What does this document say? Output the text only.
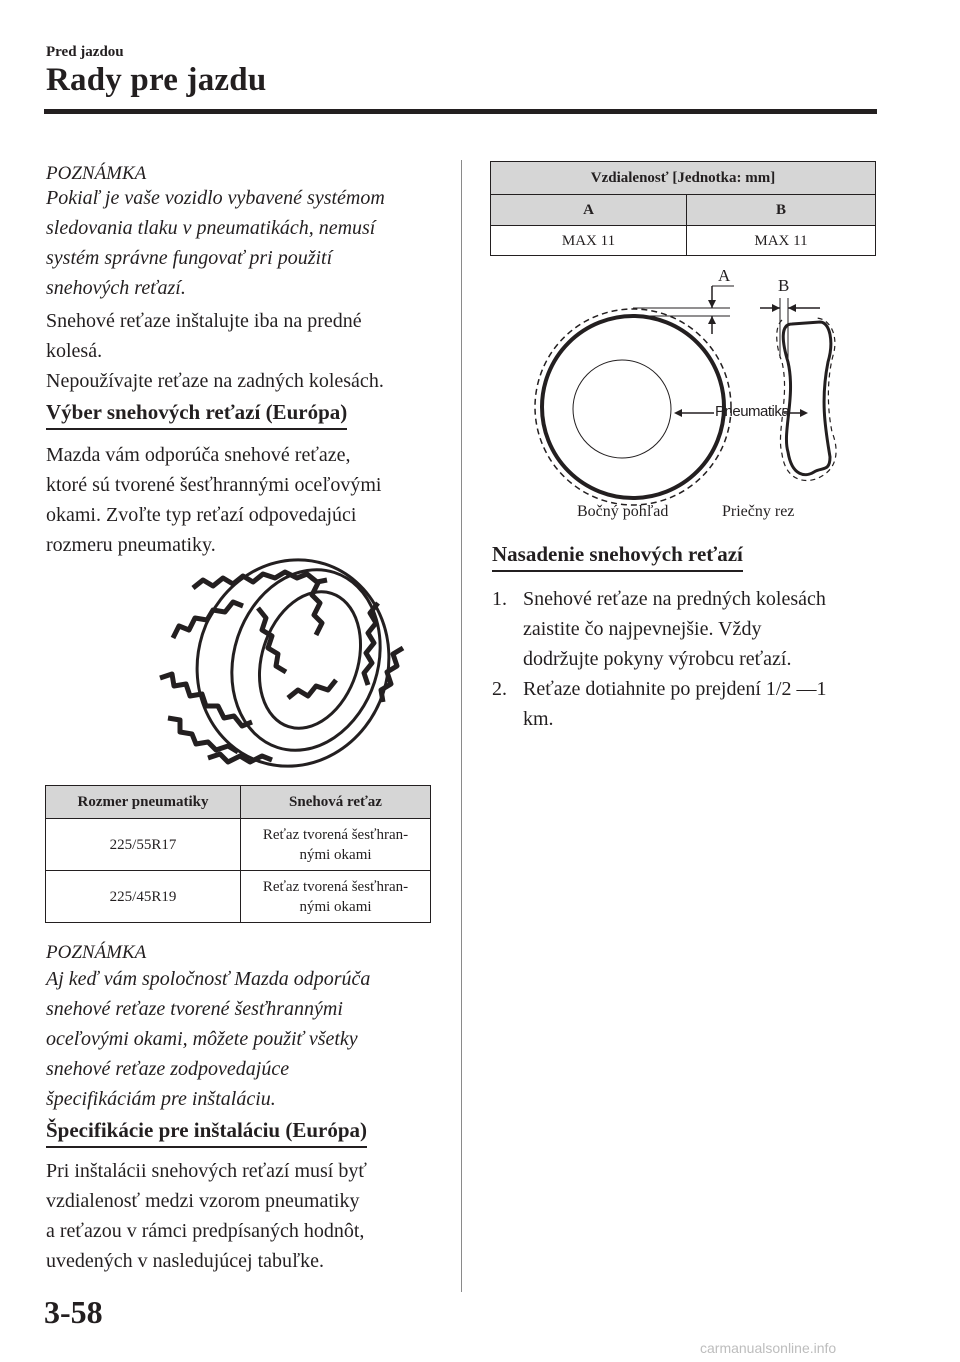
Pred jazdou
Rady pre jazdu
POZNÁMKA
Pokiaľ je vaše vozidlo vybavené systémom
sledovania tlaku v pneumatikách, nemusí
systém správne fungovať pri použití
snehových reťazí.
Snehové reťaze inštalujte iba na predné
kolesá.
Nepoužívajte reťaze na zadných kolesách.
Výber snehových reťazí (Európa)
Mazda vám odporúča snehové reťaze,
ktoré sú tvorené šesťhrannými oceľovými
okami. Zvoľte typ reťazí odpovedajúci
rozmeru pneumatiky.
Rozmer pneumatiky	Snehová reťaz
225/55R17	Reťaz tvorená šesťhran-
nými okami

225/45R19	Reťaz tvorená šesťhran-
nými okami
POZNÁMKA
Aj keď vám spoločnosť Mazda odporúča
snehové reťaze tvorené šesťhrannými
oceľovými okami, môžete použiť všetky
snehové reťaze zodpovedajúce
špecifikáciám pre inštaláciu.
Špecifikácie pre inštaláciu (Európa)
Pri inštalácii snehových reťazí musí byť
vzdialenosť medzi vzorom pneumatiky
a reťazou v rámci predpísaných hodnôt,
uvedených v nasledujúcej tabuľke.
Vzdialenosť [Jednotka: mm]	
A	B
MAX 11	MAX 11
A
B
Pneumatika
Bočný pohľad	Priečny rez
Nasadenie snehových reťazí
1. Snehové reťaze na predných kolesách
zaistite čo najpevnejšie. Vždy
dodržujte pokyny výrobcu reťazí.
2. Reťaze dotiahnite po prejdení 1/2 ―1
km.
3-58
carmanualsonline.info
